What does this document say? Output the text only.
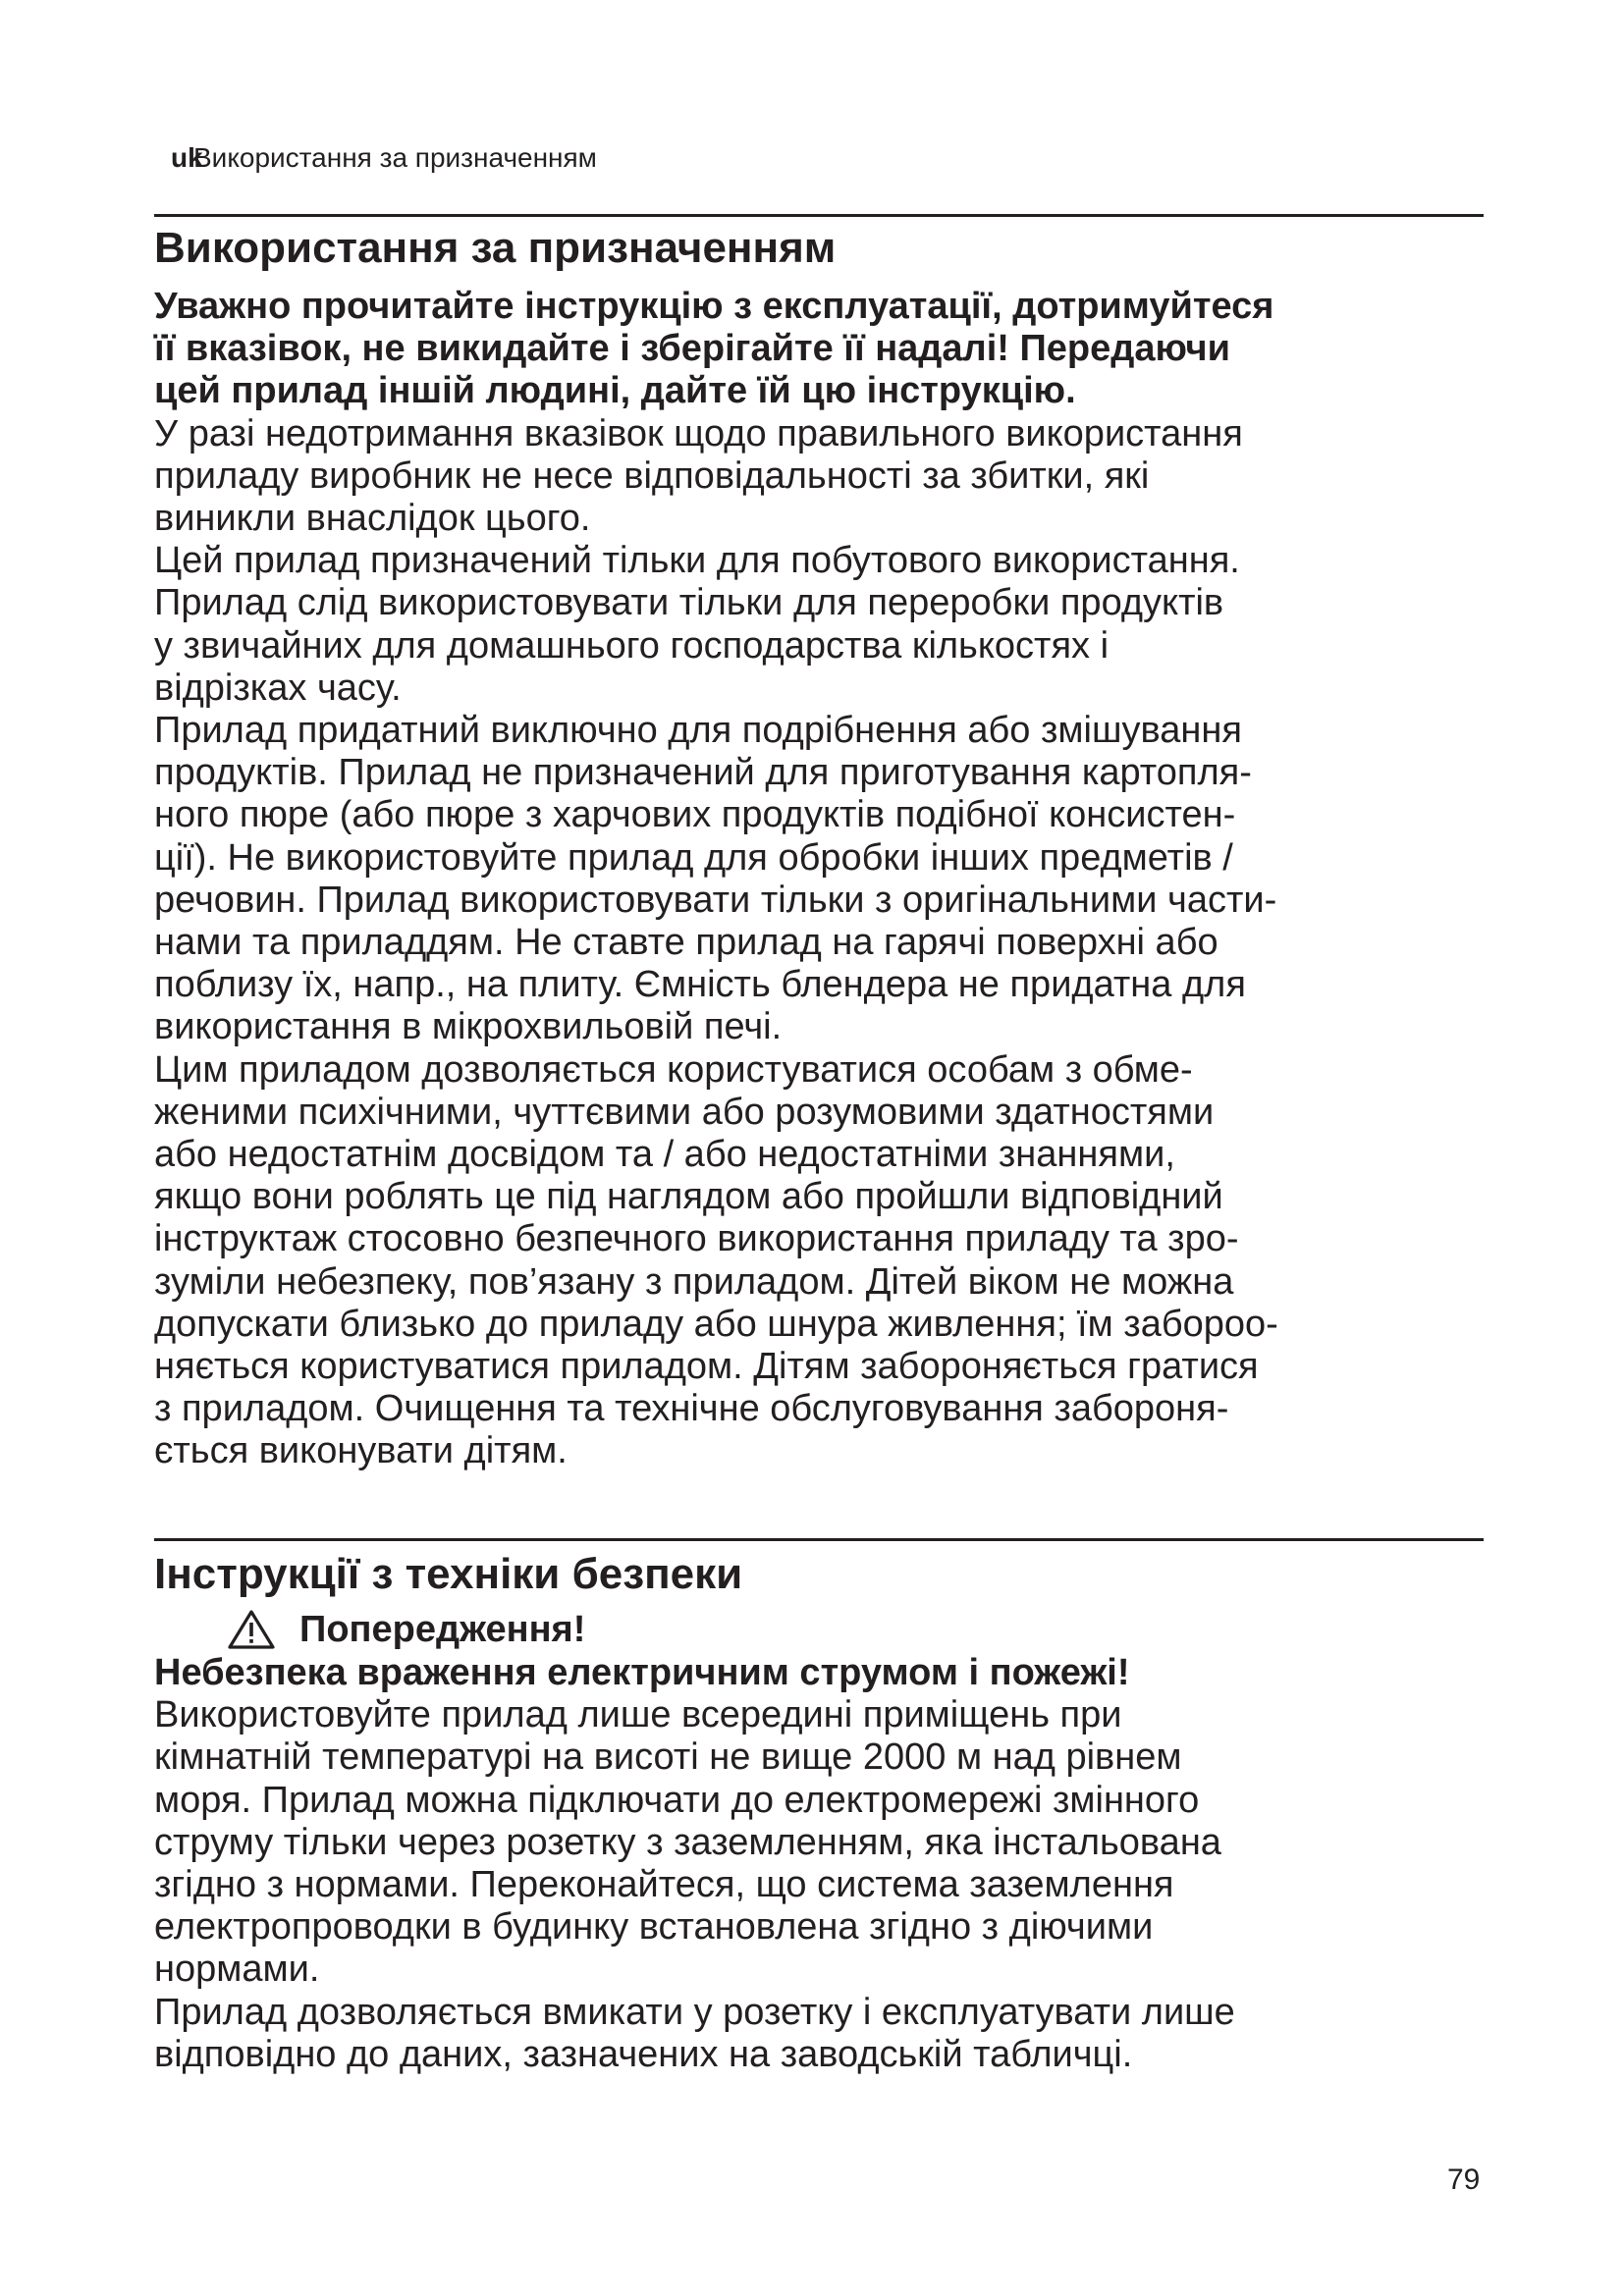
uk
Використання за призначенням
Використання за призначенням
Уважно прочитайте інструкцію з експлуатації, дотримуйтеся
її вказівок, не викидайте і зберігайте її надалі! Передаючи
цей прилад іншій людині, дайте їй цю інструкцію.
У разі недотримання вказівок щодо правильного використання
приладу виробник не несе відповідальності за збитки, які
виникли внаслідок цього.
Цей прилад призначений тільки для побутового використання.
Прилад слід використовувати тільки для переробки продуктів
у звичайних для домашнього господарства кількостях і
відрізках часу.
Прилад придатний виключно для подрібнення або змішування
продуктів. Прилад не призначений для приготування картопля-
ного пюре (або пюре з харчових продуктів подібної консистен-
ції). Не використовуйте прилад для обробки інших предметів /
речовин. Прилад використовувати тільки з оригінальними части-
нами та приладдям. Не ставте прилад на гарячі поверхні або
поблизу їх, напр., на плиту. Ємність блендера не придатна для
використання в мікрохвильовій печі.
Цим приладом дозволяється користуватися особам з обме-
женими психічними, чуттєвими або розумовими здатностями
або недостатнім досвідом та / або недостатніми знаннями,
якщо вони роблять це під наглядом або пройшли відповідний
інструктаж стосовно безпечного використання приладу та зро-
зуміли небезпеку, пов’язану з приладом. Дітей віком не можна
допускати близько до приладу або шнура живлення; їм забороо-
няється користуватися приладом. Дітям забороняється гратися
з приладом. Очищення та технічне обслуговування забороня-
ється виконувати дітям.
Інструкції з техніки безпеки
Попередження!
Небезпека враження електричним струмом і пожежі!
Використовуйте прилад лише всередині приміщень при
кімнатній температурі на висоті не вище 2000 м над рівнем
моря. Прилад можна підключати до електромережі змінного
струму тільки через розетку з заземленням, яка інстальована
згідно з нормами. Переконайтеся, що система заземлення
електропроводки в будинку встановлена згідно з діючими
нормами.
Прилад дозволяється вмикати у розетку і експлуатувати лише
відповідно до даних, зазначених на заводській табличці.
79
